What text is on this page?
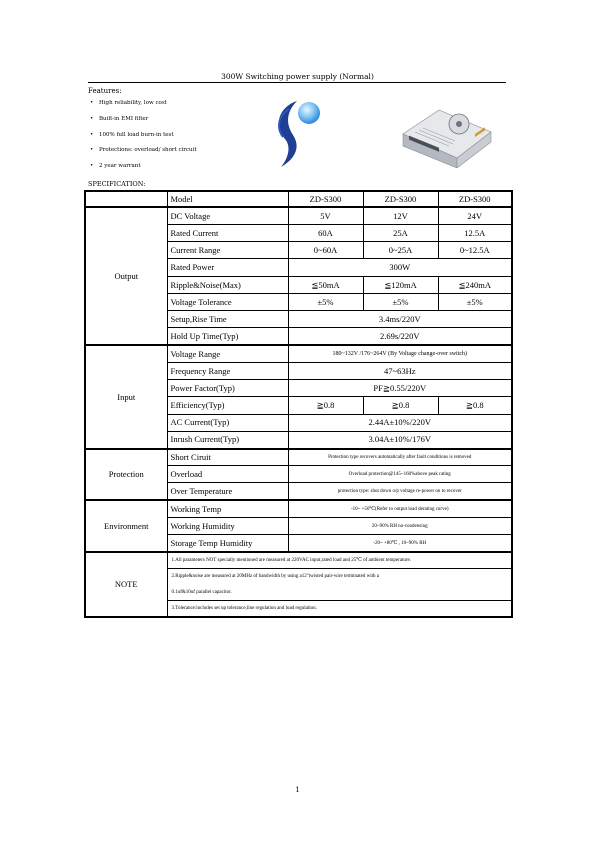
300W Switching power supply (Normal)
Features:
• High reliability, low cost
• Built-in EMI filter
• 100% full load burn-in test
• Protections: overload/ short circuit
• 2 year warrant
SPECIFICATION:
	Model	ZD-S300	ZD-S300	ZD-S300
Output	DC Voltage	5V	12V	24V
	Rated Current	60A	25A	12.5A
	Current Range	0~60A	0~25A	0~12.5A
	Rated Power	300W		
	Ripple&Noise(Max)	≦50mA	≦120mA	≦240mA
	Voltage Tolerance	±5%	±5%	±5%
	Setup,Rise Time	3.4ms/220V		
	Hold Up Time(Typ)	2.69s/220V		
Input	Voltage Range	180~132V /176~264V (By Voltage change-over switch)		
	Frequency Range	47~63Hz		
	Power Factor(Typ)	PF≧0.55/220V		
	Efficiency(Typ)	≧0.8	≧0.8	≧0.8
	AC Current(Typ)	2.44A±10%/220V		
	Inrush Current(Typ)	3.04A±10%/176V		
Protection	Short Ciruit	Protection type recovers automatically after fault conditions is removed		
	Overload	Overload protection@145~160%above peak rating		
	Over Temperature	protection type: shut down o/p voltage re-power on to recover		
Environment	Working Temp	-10~ +50℃(Refer to output load derating curve)		
	Working Humidity	20~90% RH no-condensing		
	Storage Temp Humidity	-20~ +80℃ , 10~90% RH		
NOTE	1.All parameters NOT specially mentioned are measured at 220VAC input,rated load and 25℃ of ambient temperature.			
	2.Ripple&noise are measured at 20MHz of bandwidth by using a12"twisted pair-wire terminated with a			
	0.1uf&10uf parallel capacitor.			
	3.Tolerance:includes set up tolerance,line regulation and load regulation.			
1
